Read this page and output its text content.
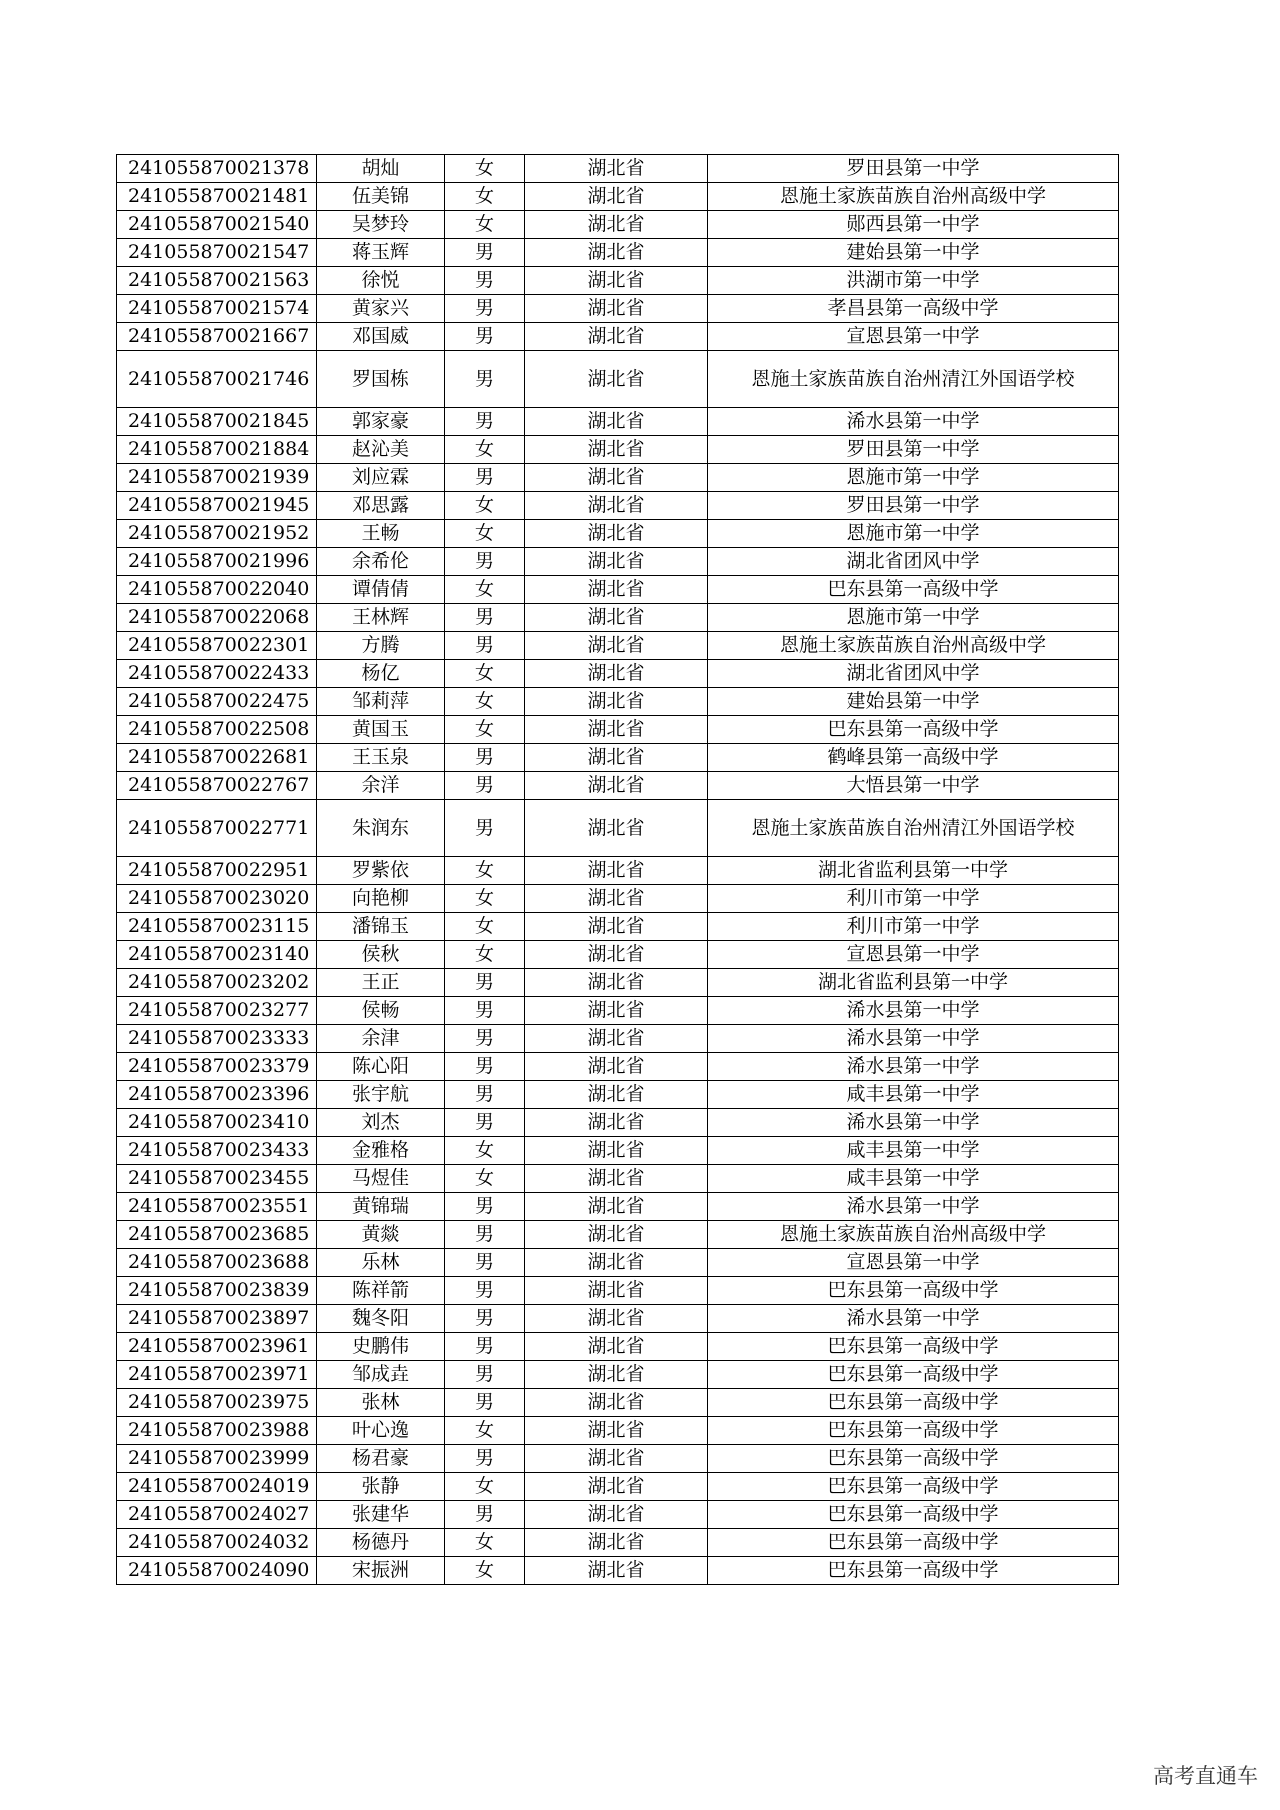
241055870021378	胡灿	女	湖北省	罗田县第一中学
241055870021481	伍美锦	女	湖北省	恩施土家族苗族自治州高级中学
241055870021540	吴梦玲	女	湖北省	郧西县第一中学
241055870021547	蒋玉辉	男	湖北省	建始县第一中学
241055870021563	徐悦	男	湖北省	洪湖市第一中学
241055870021574	黄家兴	男	湖北省	孝昌县第一高级中学
241055870021667	邓国威	男	湖北省	宣恩县第一中学
241055870021746	罗国栋	男	湖北省	恩施土家族苗族自治州清江外国语学校
241055870021845	郭家豪	男	湖北省	浠水县第一中学
241055870021884	赵沁美	女	湖北省	罗田县第一中学
241055870021939	刘应霖	男	湖北省	恩施市第一中学
241055870021945	邓思露	女	湖北省	罗田县第一中学
241055870021952	王畅	女	湖北省	恩施市第一中学
241055870021996	余希伦	男	湖北省	湖北省团风中学
241055870022040	谭倩倩	女	湖北省	巴东县第一高级中学
241055870022068	王林辉	男	湖北省	恩施市第一中学
241055870022301	方腾	男	湖北省	恩施土家族苗族自治州高级中学
241055870022433	杨亿	女	湖北省	湖北省团风中学
241055870022475	邹莉萍	女	湖北省	建始县第一中学
241055870022508	黄国玉	女	湖北省	巴东县第一高级中学
241055870022681	王玉泉	男	湖北省	鹤峰县第一高级中学
241055870022767	余洋	男	湖北省	大悟县第一中学
241055870022771	朱润东	男	湖北省	恩施土家族苗族自治州清江外国语学校
241055870022951	罗紫依	女	湖北省	湖北省监利县第一中学
241055870023020	向艳柳	女	湖北省	利川市第一中学
241055870023115	潘锦玉	女	湖北省	利川市第一中学
241055870023140	侯秋	女	湖北省	宣恩县第一中学
241055870023202	王正	男	湖北省	湖北省监利县第一中学
241055870023277	侯畅	男	湖北省	浠水县第一中学
241055870023333	余津	男	湖北省	浠水县第一中学
241055870023379	陈心阳	男	湖北省	浠水县第一中学
241055870023396	张宇航	男	湖北省	咸丰县第一中学
241055870023410	刘杰	男	湖北省	浠水县第一中学
241055870023433	金雅格	女	湖北省	咸丰县第一中学
241055870023455	马煜佳	女	湖北省	咸丰县第一中学
241055870023551	黄锦瑞	男	湖北省	浠水县第一中学
241055870023685	黄燚	男	湖北省	恩施土家族苗族自治州高级中学
241055870023688	乐林	男	湖北省	宣恩县第一中学
241055870023839	陈祥箭	男	湖北省	巴东县第一高级中学
241055870023897	魏冬阳	男	湖北省	浠水县第一中学
241055870023961	史鹏伟	男	湖北省	巴东县第一高级中学
241055870023971	邹成垚	男	湖北省	巴东县第一高级中学
241055870023975	张林	男	湖北省	巴东县第一高级中学
241055870023988	叶心逸	女	湖北省	巴东县第一高级中学
241055870023999	杨君豪	男	湖北省	巴东县第一高级中学
241055870024019	张静	女	湖北省	巴东县第一高级中学
241055870024027	张建华	男	湖北省	巴东县第一高级中学
241055870024032	杨德丹	女	湖北省	巴东县第一高级中学
241055870024090	宋振洲	女	湖北省	巴东县第一高级中学
高考直通车
